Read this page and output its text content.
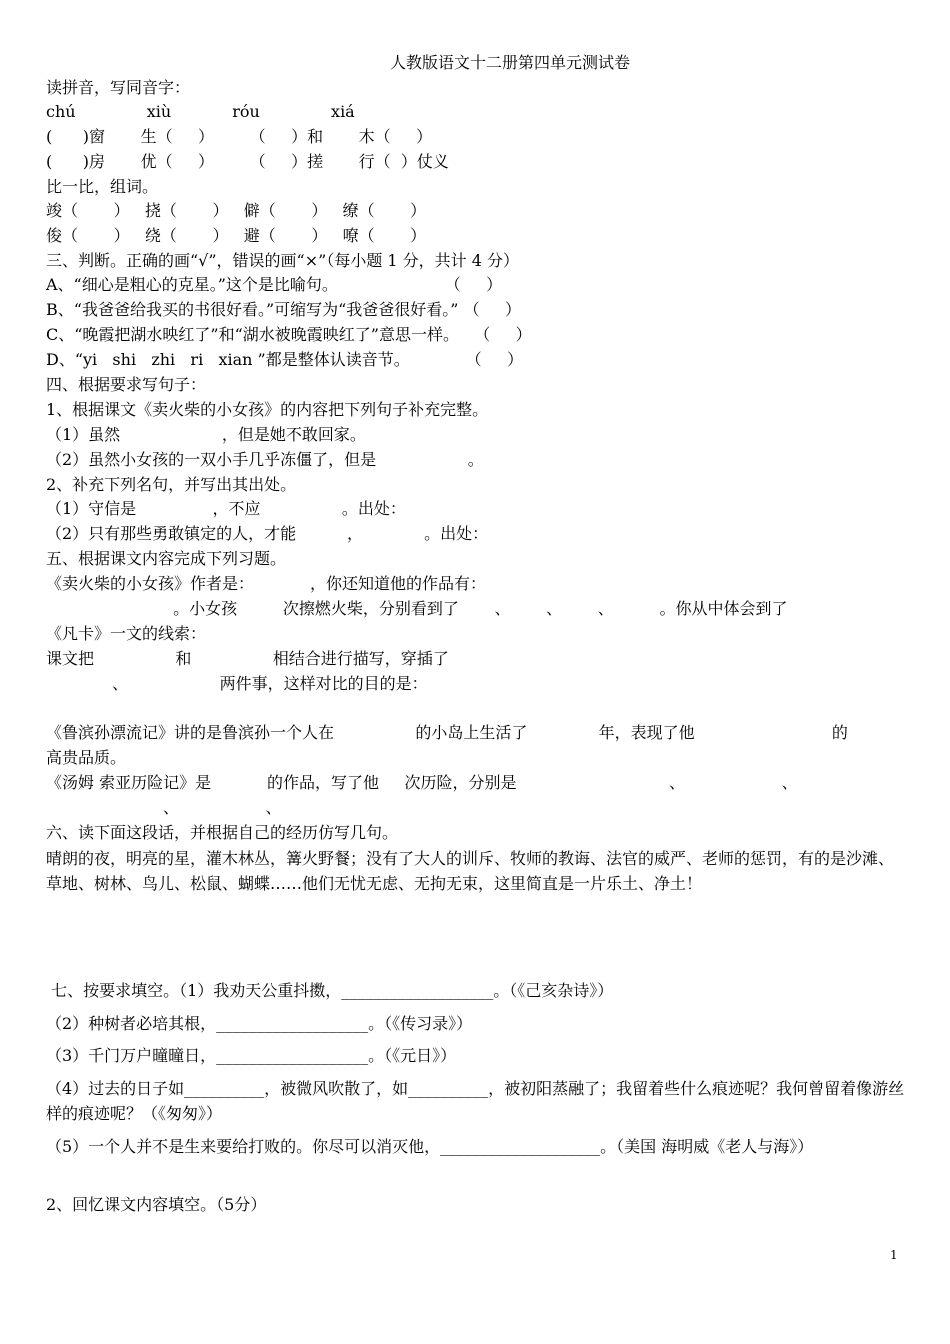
人教版语文十二册第四单元测试卷
读拼音，写同音字：
chú              xiù            róu              xiá
(      )窗       生（     ）       （     ）和       木（     ）
(      )房       优（     ）       （     ）搓       行（  ）仗义
比一比，组词。
竣（       ）   挠（       ）   僻（       ）   缭（       ）
俊（       ）   绕（       ）   避（       ）   嘹（       ）
三、判断。正确的画“√”，错误的画“×”（每小题 1 分，共计 4 分）
A、“细心是粗心的克星。”这个是比喻句。                     （     ）
B、“我爸爸给我买的书很好看。”可缩写为“我爸爸很好看。” （     ）
C、“晚霞把湖水映红了”和“湖水被晚霞映红了”意思一样。   （     ）
D、“yi   shi   zhi   ri   xian ”都是整体认读音节。           （     ）
四、根据要求写句子：
1、根据课文《卖火柴的小女孩》的内容把下列句子补充完整。
（1）虽然                    ，但是她不敢回家。
（2）虽然小女孩的一双小手几乎冻僵了，但是                  。
2、补充下列名句，并写出其出处。
（1）守信是               ，不应                。出处：
（2）只有那些勇敢镇定的人，才能          ，            。出处：
五、根据课文内容完成下列习题。
《卖火柴的小女孩》作者是：           ，你还知道他的作品有：
。小女孩         次擦燃火柴，分别看到了       、       、       、         。你从中体会到了
《凡卡》一文的线索：
课文把                和                相结合进行描写，穿插了
、                  两件事，这样对比的目的是：
《鲁滨孙漂流记》讲的是鲁滨孙一个人在                的小岛上生活了              年，表现了他                           的
高贵品质。
《汤姆 索亚历险记》是           的作品，写了他     次历险，分别是                              、                   、
、                 、
六、读下面这段话，并根据自己的经历仿写几句。
晴朗的夜，明亮的星，灌木林丛，篝火野餐；没有了大人的训斥、牧师的教诲、法官的威严、老师的惩罚，有的是沙滩、草地、树林、鸟儿、松鼠、蝴蝶……他们无忧无虑、无拘无束，这里简直是一片乐土、净土！
七、按要求填空。（1）我劝天公重抖擞，___________________。（《己亥杂诗》）
（2）种树者必培其根，___________________。（《传习录》）
（3）千门万户曈曈日，___________________。（《元日》）
（4）过去的日子如__________，被微风吹散了，如__________，被初阳蒸融了；我留着些什么痕迹呢？我何曾留着像游丝样的痕迹呢？（《匆匆》）
（5）一个人并不是生来要给打败的。你尽可以消灭他，____________________。（美国 海明威《老人与海》）
2、回忆课文内容填空。（5分）
1
